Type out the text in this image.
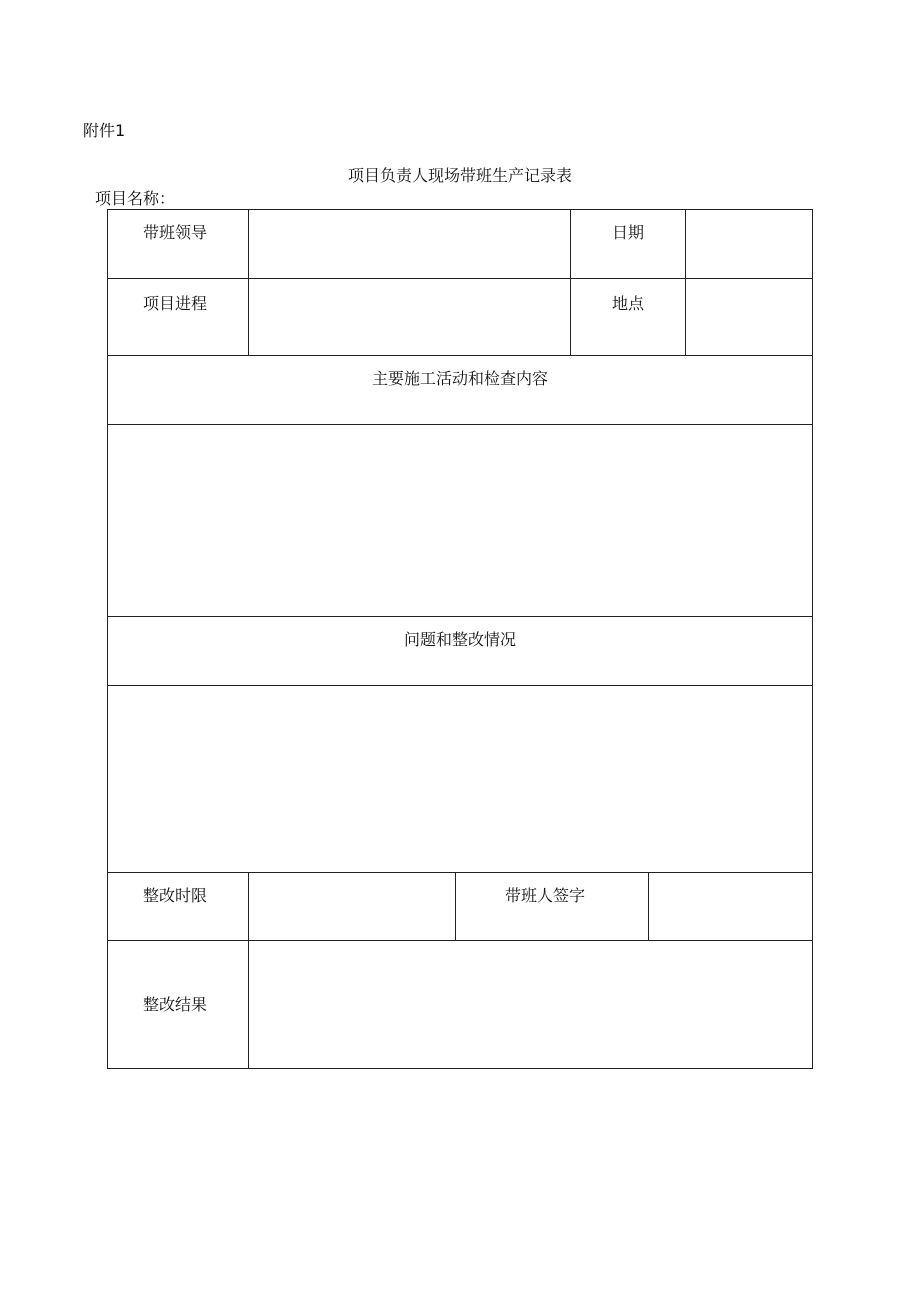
附件1
项目负责人现场带班生产记录表
项目名称：
带班领导	日期
项目进程	地点
主要施工活动和检查内容
问题和整改情况
整改时限	带班人签字
整改结果
